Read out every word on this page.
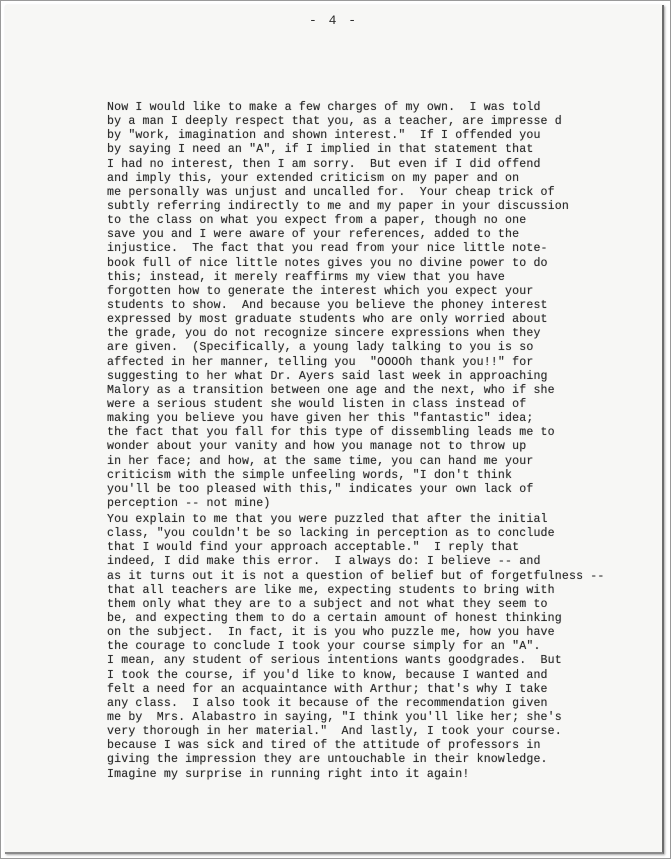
- 4 -
Now I would like to make a few charges of my own.  I was told
by a man I deeply respect that you, as a teacher, are impresse d
by "work, imagination and shown interest."  If I offended you
by saying I need an "A", if I implied in that statement that
I had no interest, then I am sorry.  But even if I did offend
and imply this, your extended criticism on my paper and on
me personally was unjust and uncalled for.  Your cheap trick of
subtly referring indirectly to me and my paper in your discussion
to the class on what you expect from a paper, though no one
save you and I were aware of your references, added to the
injustice.  The fact that you read from your nice little note-
book full of nice little notes gives you no divine power to do
this; instead, it merely reaffirms my view that you have
forgotten how to generate the interest which you expect your
students to show.  And because you believe the phoney interest
expressed by most graduate students who are only worried about
the grade, you do not recognize sincere expressions when they
are given.  (Specifically, a young lady talking to you is so
affected in her manner, telling you  "OOOOh thank you!!" for
suggesting to her what Dr. Ayers said last week in approaching
Malory as a transition between one age and the next, who if she
were a serious student she would listen in class instead of
making you believe you have given her this "fantastic" idea;
the fact that you fall for this type of dissembling leads me to
wonder about your vanity and how you manage not to throw up
in her face; and how, at the same time, you can hand me your
criticism with the simple unfeeling words, "I don't think
you'll be too pleased with this," indicates your own lack of
perception -- not mine)
You explain to me that you were puzzled that after the initial
class, "you couldn't be so lacking in perception as to conclude
that I would find your approach acceptable."  I reply that
indeed, I did make this error.  I always do: I believe -- and
as it turns out it is not a question of belief but of forgetfulness --
that all teachers are like me, expecting students to bring with
them only what they are to a subject and not what they seem to
be, and expecting them to do a certain amount of honest thinking
on the subject.  In fact, it is you who puzzle me, how you have
the courage to conclude I took your course simply for an "A".
I mean, any student of serious intentions wants goodgrades.  But
I took the course, if you'd like to know, because I wanted and
felt a need for an acquaintance with Arthur; that's why I take
any class.  I also took it because of the recommendation given
me by  Mrs. Alabastro in saying, "I think you'll like her; she's
very thorough in her material."  And lastly, I took your course.
because I was sick and tired of the attitude of professors in
giving the impression they are untouchable in their knowledge.
Imagine my surprise in running right into it again!
